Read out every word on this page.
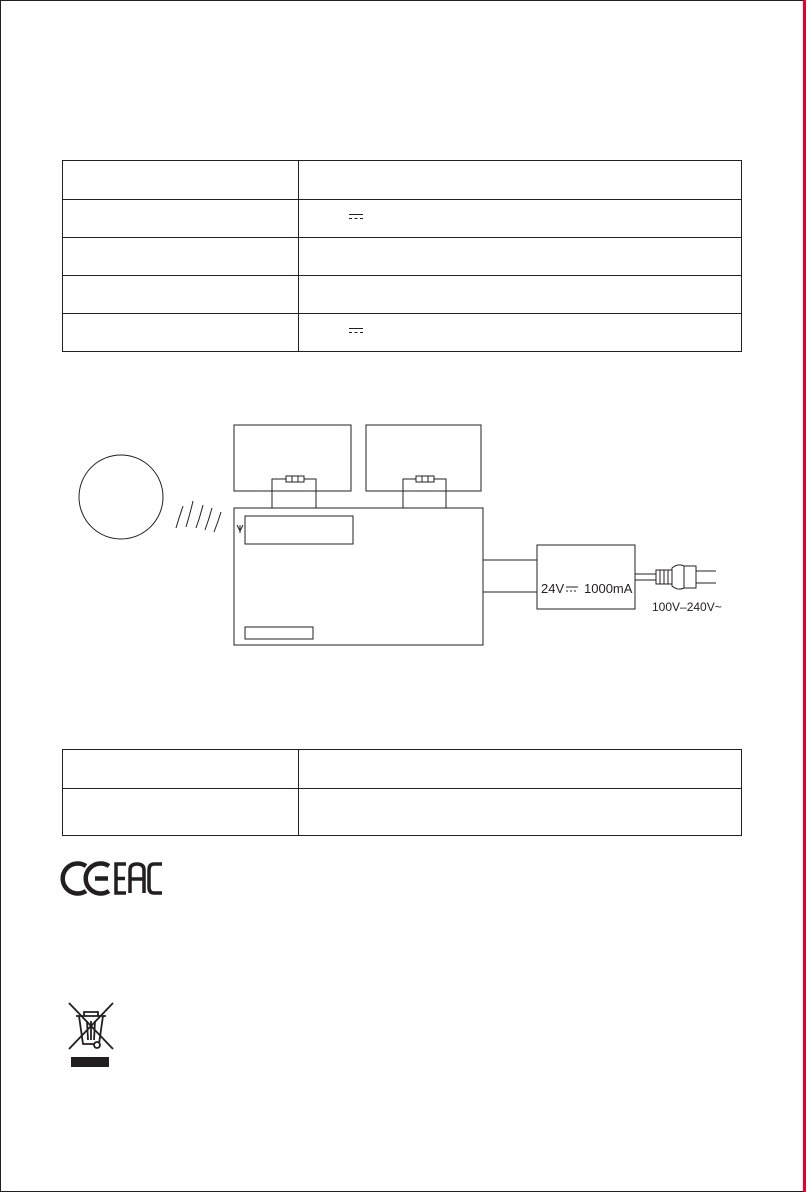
24V 1000mA
100V–240V~
